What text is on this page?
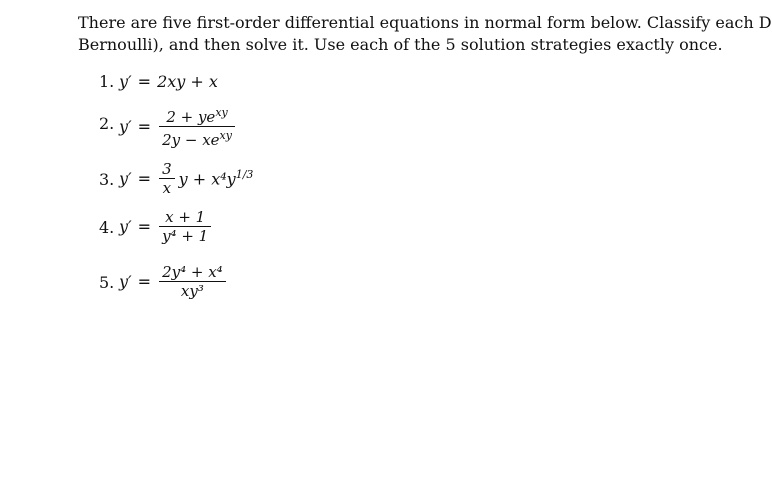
There are five first-order differential equations in normal form below. Classify each D
Bernoulli), and then solve it. Use each of the 5 solution strategies exactly once.
1. y′ = 2xy + x
2. $y' = \frac{2 + ye^{xy}}{2y - xe^{xy}}$
3. $y' = \frac{3}{x}$ $y + x^4y^{1/3}$
4. $y' = \frac{x + 1}{\text{y⁴ + 1}}$
5. $y' = \frac{\text{2y⁴ + x⁴}}{\text{xy³}}$
